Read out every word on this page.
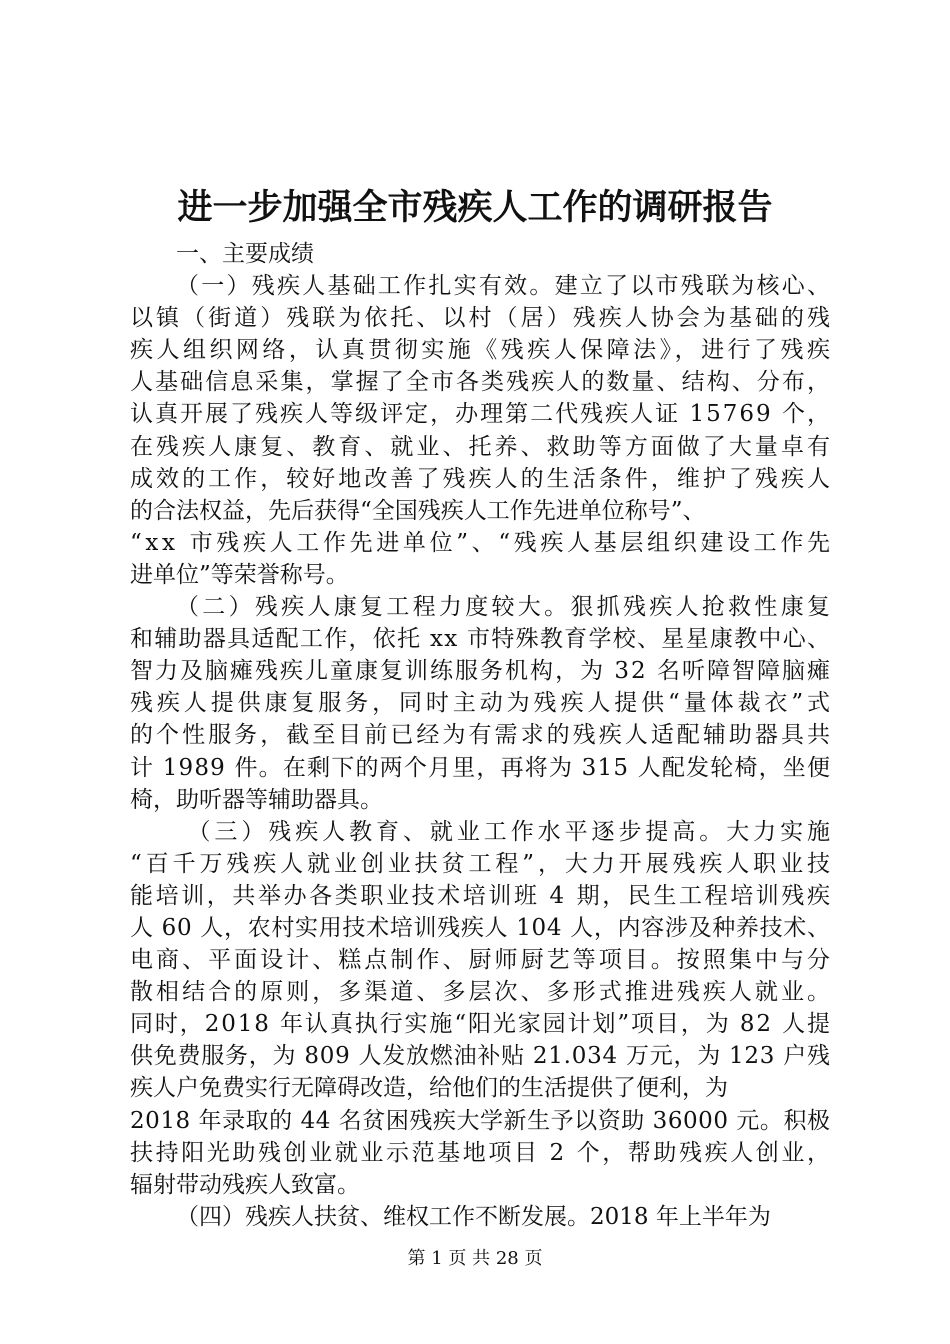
进一步加强全市残疾人工作的调研报告
一、主要成绩
（一）残疾人基础工作扎实有效。建立了以市残联为核心、
以镇（街道）残联为依托、以村（居）残疾人协会为基础的残
疾人组织网络，认真贯彻实施《残疾人保障法》，进行了残疾
人基础信息采集，掌握了全市各类残疾人的数量、结构、分布，
认真开展了残疾人等级评定，办理第二代残疾人证 15769 个，
在残疾人康复、教育、就业、托养、救助等方面做了大量卓有
成效的工作，较好地改善了残疾人的生活条件，维护了残疾人
的合法权益，先后获得“全国残疾人工作先进单位称号”、
“xx 市残疾人工作先进单位”、“残疾人基层组织建设工作先
进单位”等荣誉称号。
（二）残疾人康复工程力度较大。狠抓残疾人抢救性康复
和辅助器具适配工作，依托 xx 市特殊教育学校、星星康教中心、
智力及脑瘫残疾儿童康复训练服务机构，为 32 名听障智障脑瘫
残疾人提供康复服务，同时主动为残疾人提供“量体裁衣”式
的个性服务，截至目前已经为有需求的残疾人适配辅助器具共
计 1989 件。在剩下的两个月里，再将为 315 人配发轮椅，坐便
椅，助听器等辅助器具。
（三）残疾人教育、就业工作水平逐步提高。大力实施
“百千万残疾人就业创业扶贫工程”，大力开展残疾人职业技
能培训，共举办各类职业技术培训班 4 期，民生工程培训残疾
人 60 人，农村实用技术培训残疾人 104 人，内容涉及种养技术、
电商、平面设计、糕点制作、厨师厨艺等项目。按照集中与分
散相结合的原则，多渠道、多层次、多形式推进残疾人就业。
同时，2018 年认真执行实施“阳光家园计划”项目，为 82 人提
供免费服务，为 809 人发放燃油补贴 21.034 万元，为 123 户残
疾人户免费实行无障碍改造，给他们的生活提供了便利，为
2018 年录取的 44 名贫困残疾大学新生予以资助 36000 元。积极
扶持阳光助残创业就业示范基地项目 2 个，帮助残疾人创业，
辐射带动残疾人致富。
（四）残疾人扶贫、维权工作不断发展。2018 年上半年为
第 1 页 共 28 页
